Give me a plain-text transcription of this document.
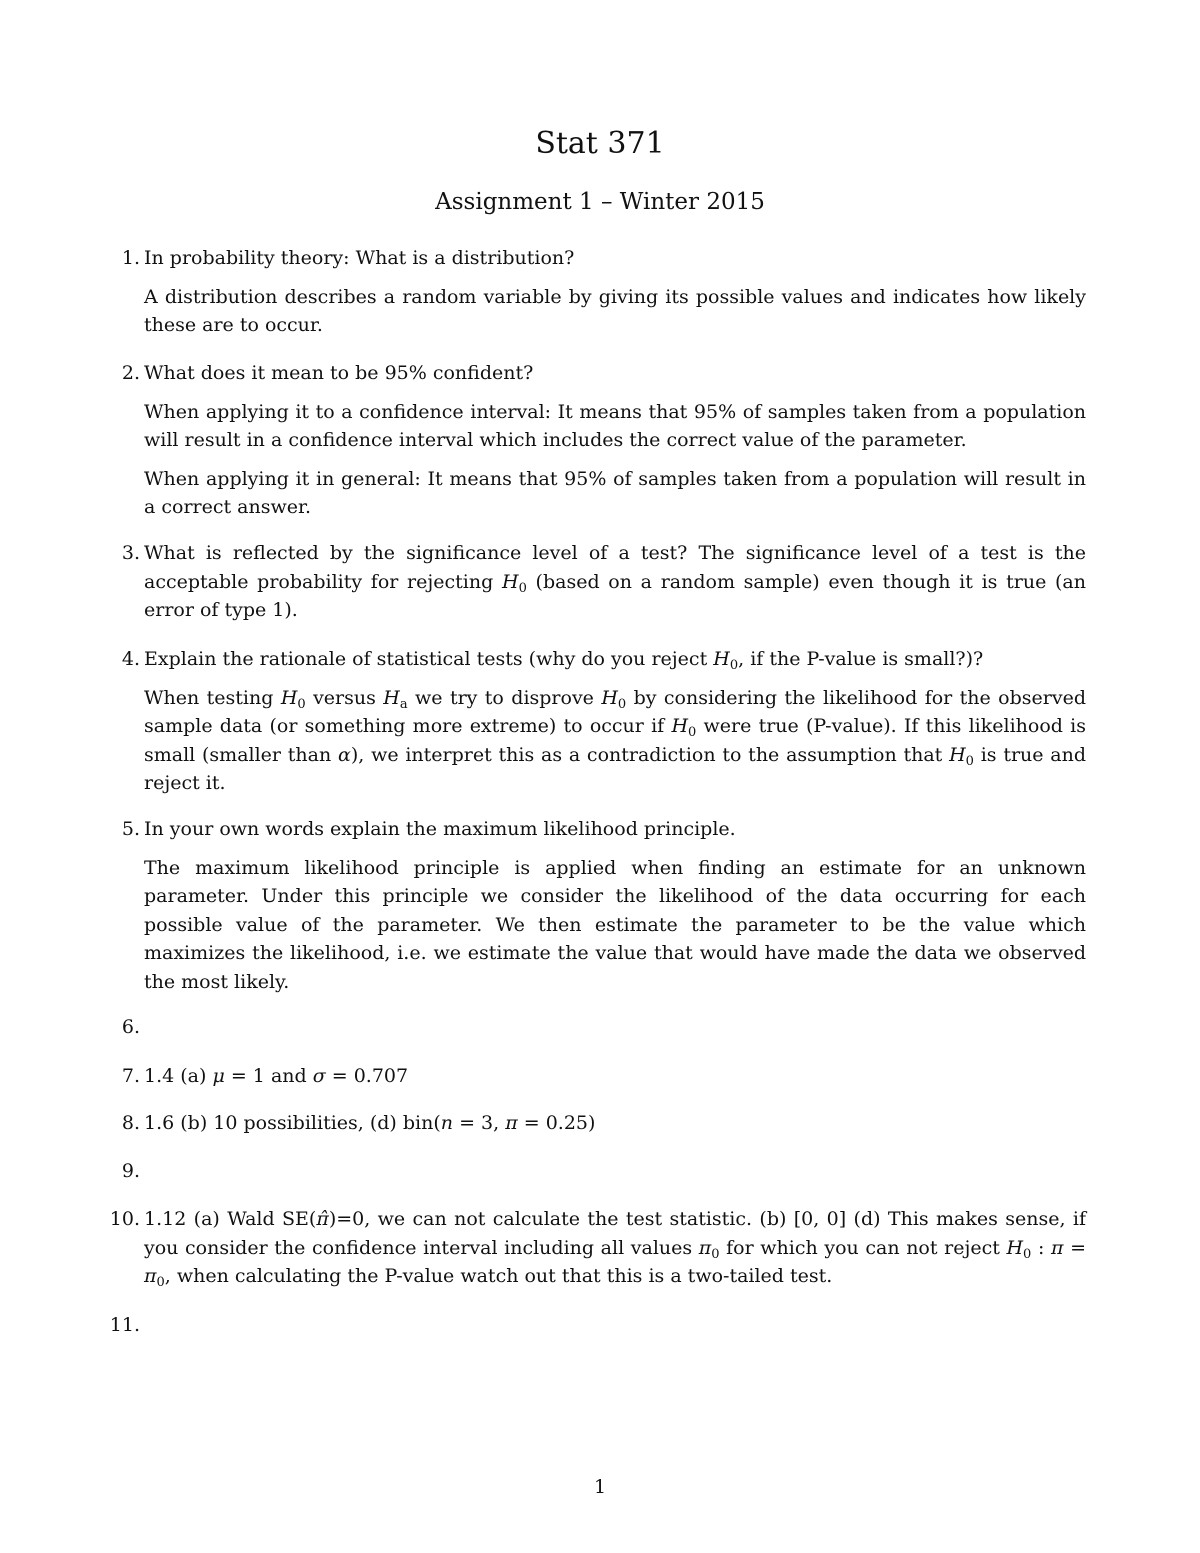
Stat 371
Assignment 1 – Winter 2015
1. In probability theory: What is a distribution?

A distribution describes a random variable by giving its possible values and indicates how likely these are to occur.

2. What does it mean to be 95% confident?

When applying it to a confidence interval: It means that 95% of samples taken from a population will result in a confidence interval which includes the correct value of the parameter.

When applying it in general: It means that 95% of samples taken from a population will result in a correct answer.

3. What is reflected by the significance level of a test? The significance level of a test is the acceptable probability for rejecting $H_0$ (based on a random sample) even though it is true (an error of type 1).

4. Explain the rationale of statistical tests (why do you reject $H_0$, if the P-value is small?)?

When testing $H_0$ versus $H_a$ we try to disprove $H_0$ by considering the likelihood for the observed sample data (or something more extreme) to occur if $H_0$ were true (P-value). If this likelihood is small (smaller than α), we interpret this as a contradiction to the assumption that $H_0$ is true and reject it.

5. In your own words explain the maximum likelihood principle.

The maximum likelihood principle is applied when finding an estimate for an unknown parameter. Under this principle we consider the likelihood of the data occurring for each possible value of the parameter. We then estimate the parameter to be the value which maximizes the likelihood, i.e. we estimate the value that would have made the data we observed the most likely.

6.

7. 1.4 (a) μ = 1 and σ = 0.707

8. 1.6 (b) 10 possibilities, (d) bin(n = 3, π = 0.25)

9.

10. 1.12 (a) Wald SE(π̂)=0, we can not calculate the test statistic. (b) [0, 0] (d) This makes sense, if you consider the confidence interval including all values $\pi_0$ for which you can not reject $H_0$ : $\pi = \pi_0$, when calculating the P-value watch out that this is a two-tailed test.

11.

1
